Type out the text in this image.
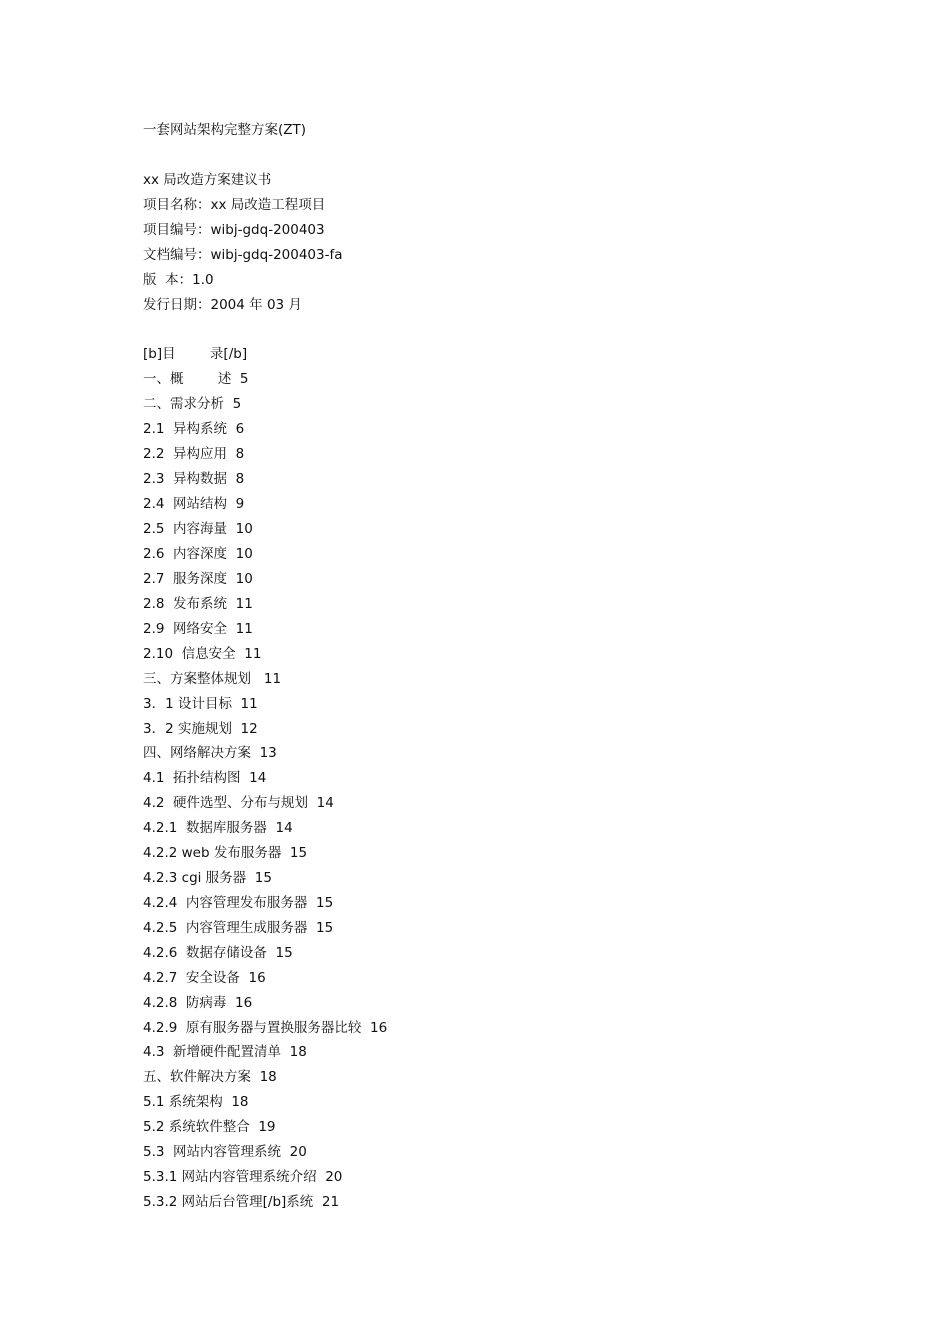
一套网站架构完整方案(ZT)
xx 局改造方案建议书
项目名称：xx 局改造工程项目
项目编号：wibj-gdq-200403
文档编号：wibj-gdq-200403-fa
版  本：1.0
发行日期：2004 年 03 月
[b]目        录[/b]
一、概        述  5
二、需求分析  5
2.1  异构系统  6
2.2  异构应用  8
2.3  异构数据  8
2.4  网站结构  9
2.5  内容海量  10
2.6  内容深度  10
2.7  服务深度  10
2.8  发布系统  11
2.9  网络安全  11
2.10  信息安全  11
三、方案整体规划   11
3．1 设计目标  11
3．2 实施规划  12
四、网络解决方案  13
4.1  拓扑结构图  14
4.2  硬件选型、分布与规划  14
4.2.1  数据库服务器  14
4.2.2 web 发布服务器  15
4.2.3 cgi 服务器  15
4.2.4  内容管理发布服务器  15
4.2.5  内容管理生成服务器  15
4.2.6  数据存储设备  15
4.2.7  安全设备  16
4.2.8  防病毒  16
4.2.9  原有服务器与置换服务器比较  16
4.3  新增硬件配置清单  18
五、软件解决方案  18
5.1 系统架构  18
5.2 系统软件整合  19
5.3  网站内容管理系统  20
5.3.1 网站内容管理系统介绍  20
5.3.2 网站后台管理[/b]系统  21
